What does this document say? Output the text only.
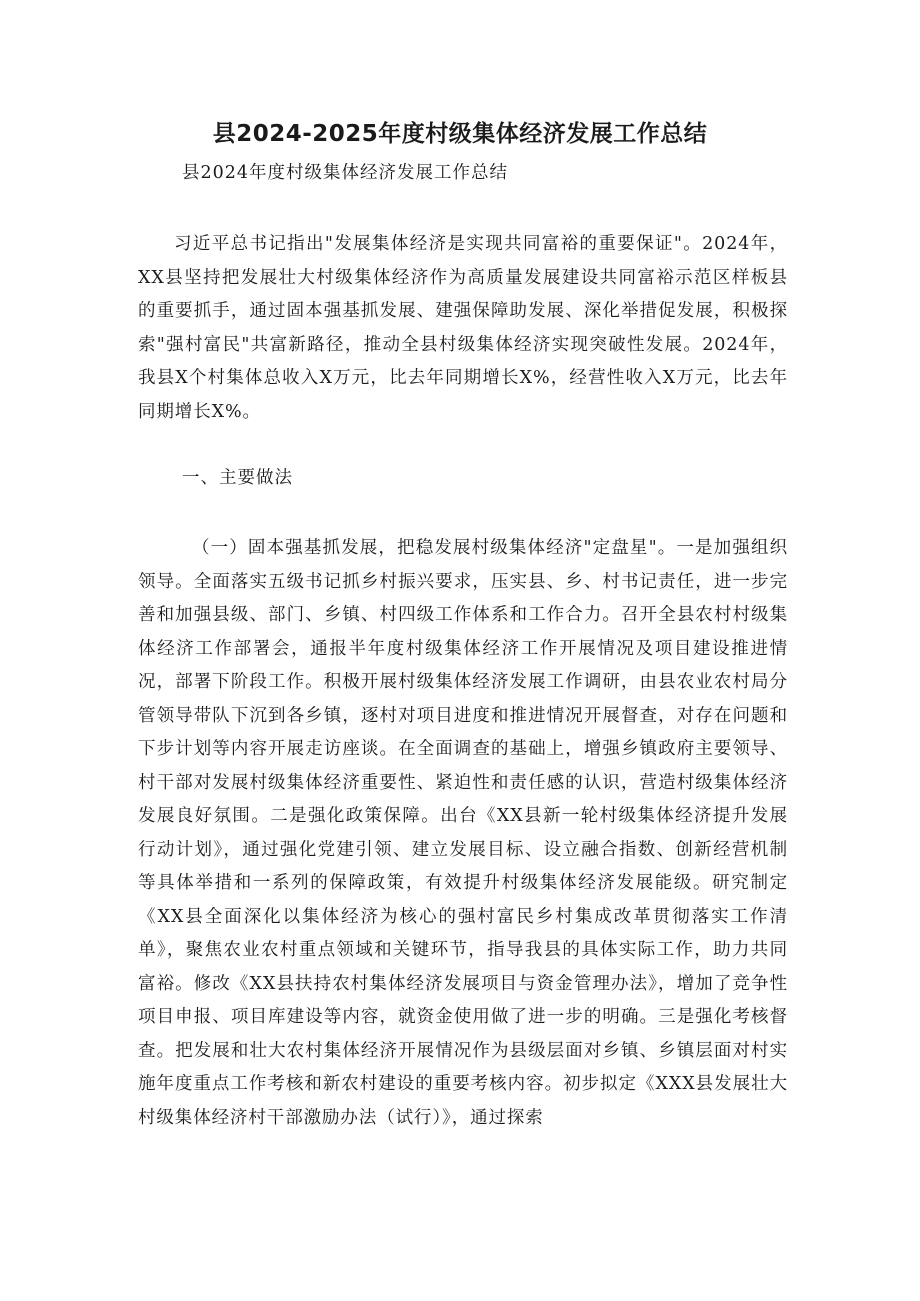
县2024-2025年度村级集体经济发展工作总结
县2024年度村级集体经济发展工作总结

习近平总书记指出"发展集体经济是实现共同富裕的重要保证"。2024年，XX县坚持把发展壮大村级集体经济作为高质量发展建设共同富裕示范区样板县的重要抓手，通过固本强基抓发展、建强保障助发展、深化举措促发展，积极探索"强村富民"共富新路径，推动全县村级集体经济实现突破性发展。2024年，我县X个村集体总收入X万元，比去年同期增长X%，经营性收入X万元，比去年同期增长X%。

一、主要做法

（一）固本强基抓发展，把稳发展村级集体经济"定盘星"。一是加强组织领导。全面落实五级书记抓乡村振兴要求，压实县、乡、村书记责任，进一步完善和加强县级、部门、乡镇、村四级工作体系和工作合力。召开全县农村村级集体经济工作部署会，通报半年度村级集体经济工作开展情况及项目建设推进情况，部署下阶段工作。积极开展村级集体经济发展工作调研，由县农业农村局分管领导带队下沉到各乡镇，逐村对项目进度和推进情况开展督查，对存在问题和下步计划等内容开展走访座谈。在全面调查的基础上，增强乡镇政府主要领导、村干部对发展村级集体经济重要性、紧迫性和责任感的认识，营造村级集体经济发展良好氛围。二是强化政策保障。出台《XX县新一轮村级集体经济提升发展行动计划》，通过强化党建引领、建立发展目标、设立融合指数、创新经营机制等具体举措和一系列的保障政策，有效提升村级集体经济发展能级。研究制定《XX县全面深化以集体经济为核心的强村富民乡村集成改革贯彻落实工作清单》，聚焦农业农村重点领域和关键环节，指导我县的具体实际工作，助力共同富裕。修改《XX县扶持农村集体经济发展项目与资金管理办法》，增加了竞争性项目申报、项目库建设等内容，就资金使用做了进一步的明确。三是强化考核督查。把发展和壮大农村集体经济开展情况作为县级层面对乡镇、乡镇层面对村实施年度重点工作考核和新农村建设的重要考核内容。初步拟定《XXX县发展壮大村级集体经济村干部激励办法（试行）》，通过探索
